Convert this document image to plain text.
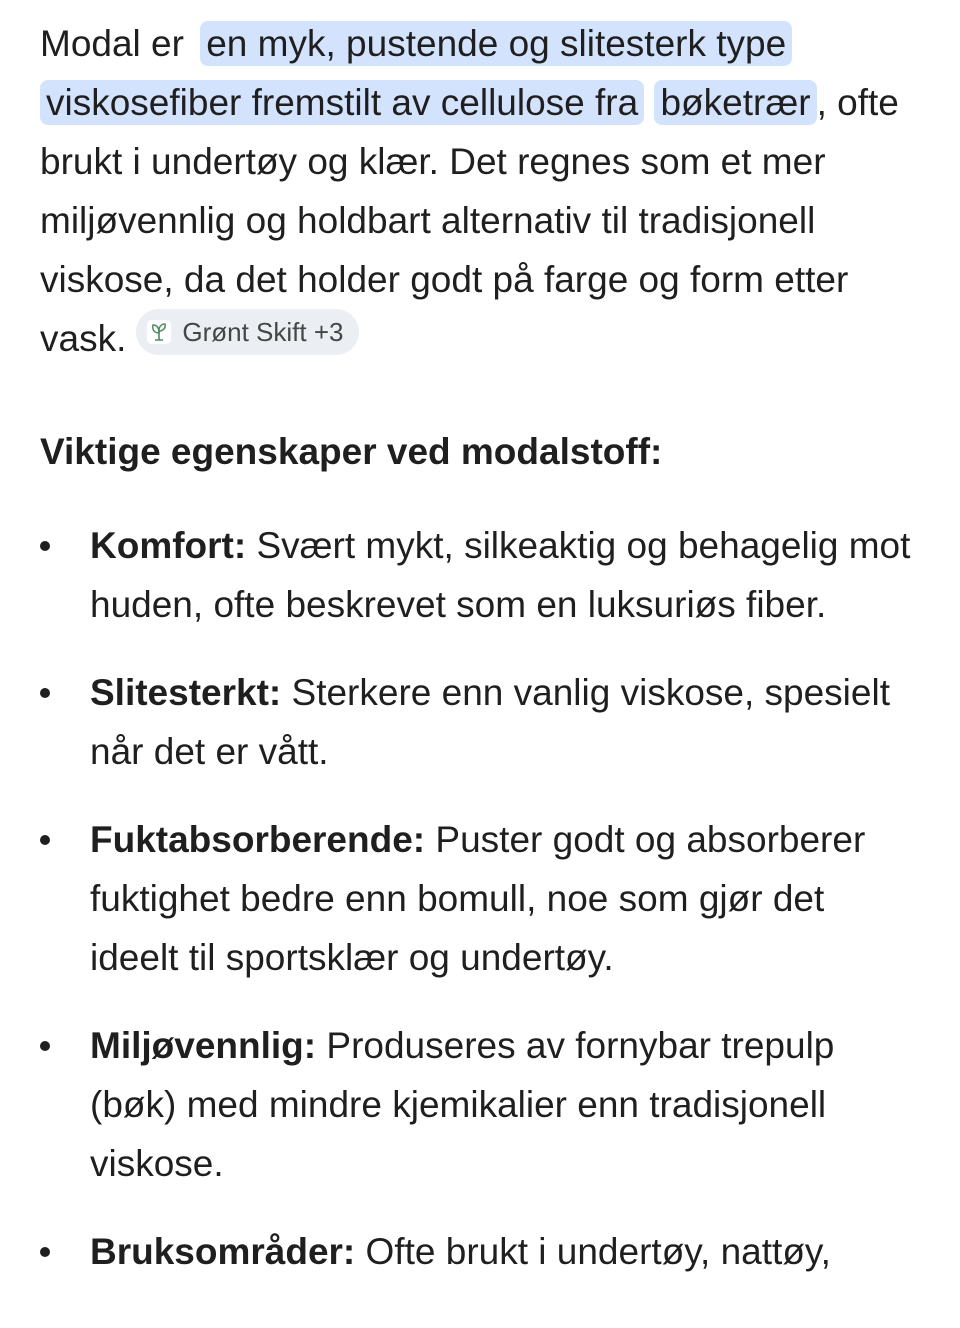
Modal er en myk, pustende og slitesterk type viskosefiber fremstilt av cellulose fra bøketrær , ofte brukt i undertøy og klær. Det regnes som et mer miljøvennlig og holdbart alternativ til tradisjonell viskose, da det holder godt på farge og form etter vask. Grønt Skift +3

Viktige egenskaper ved modalstoff:
Komfort: Svært mykt, silkeaktig og behagelig mot huden, ofte beskrevet som en luksuriøs fiber.
Slitesterkt: Sterkere enn vanlig viskose, spesielt når det er vått.
Fuktabsorberende: Puster godt og absorberer fuktighet bedre enn bomull, noe som gjør det ideelt til sportsklær og undertøy.
Miljøvennlig: Produseres av fornybar trepulp (bøk) med mindre kjemikalier enn tradisjonell viskose.
Bruksområder: Ofte brukt i undertøy, nattøy,
